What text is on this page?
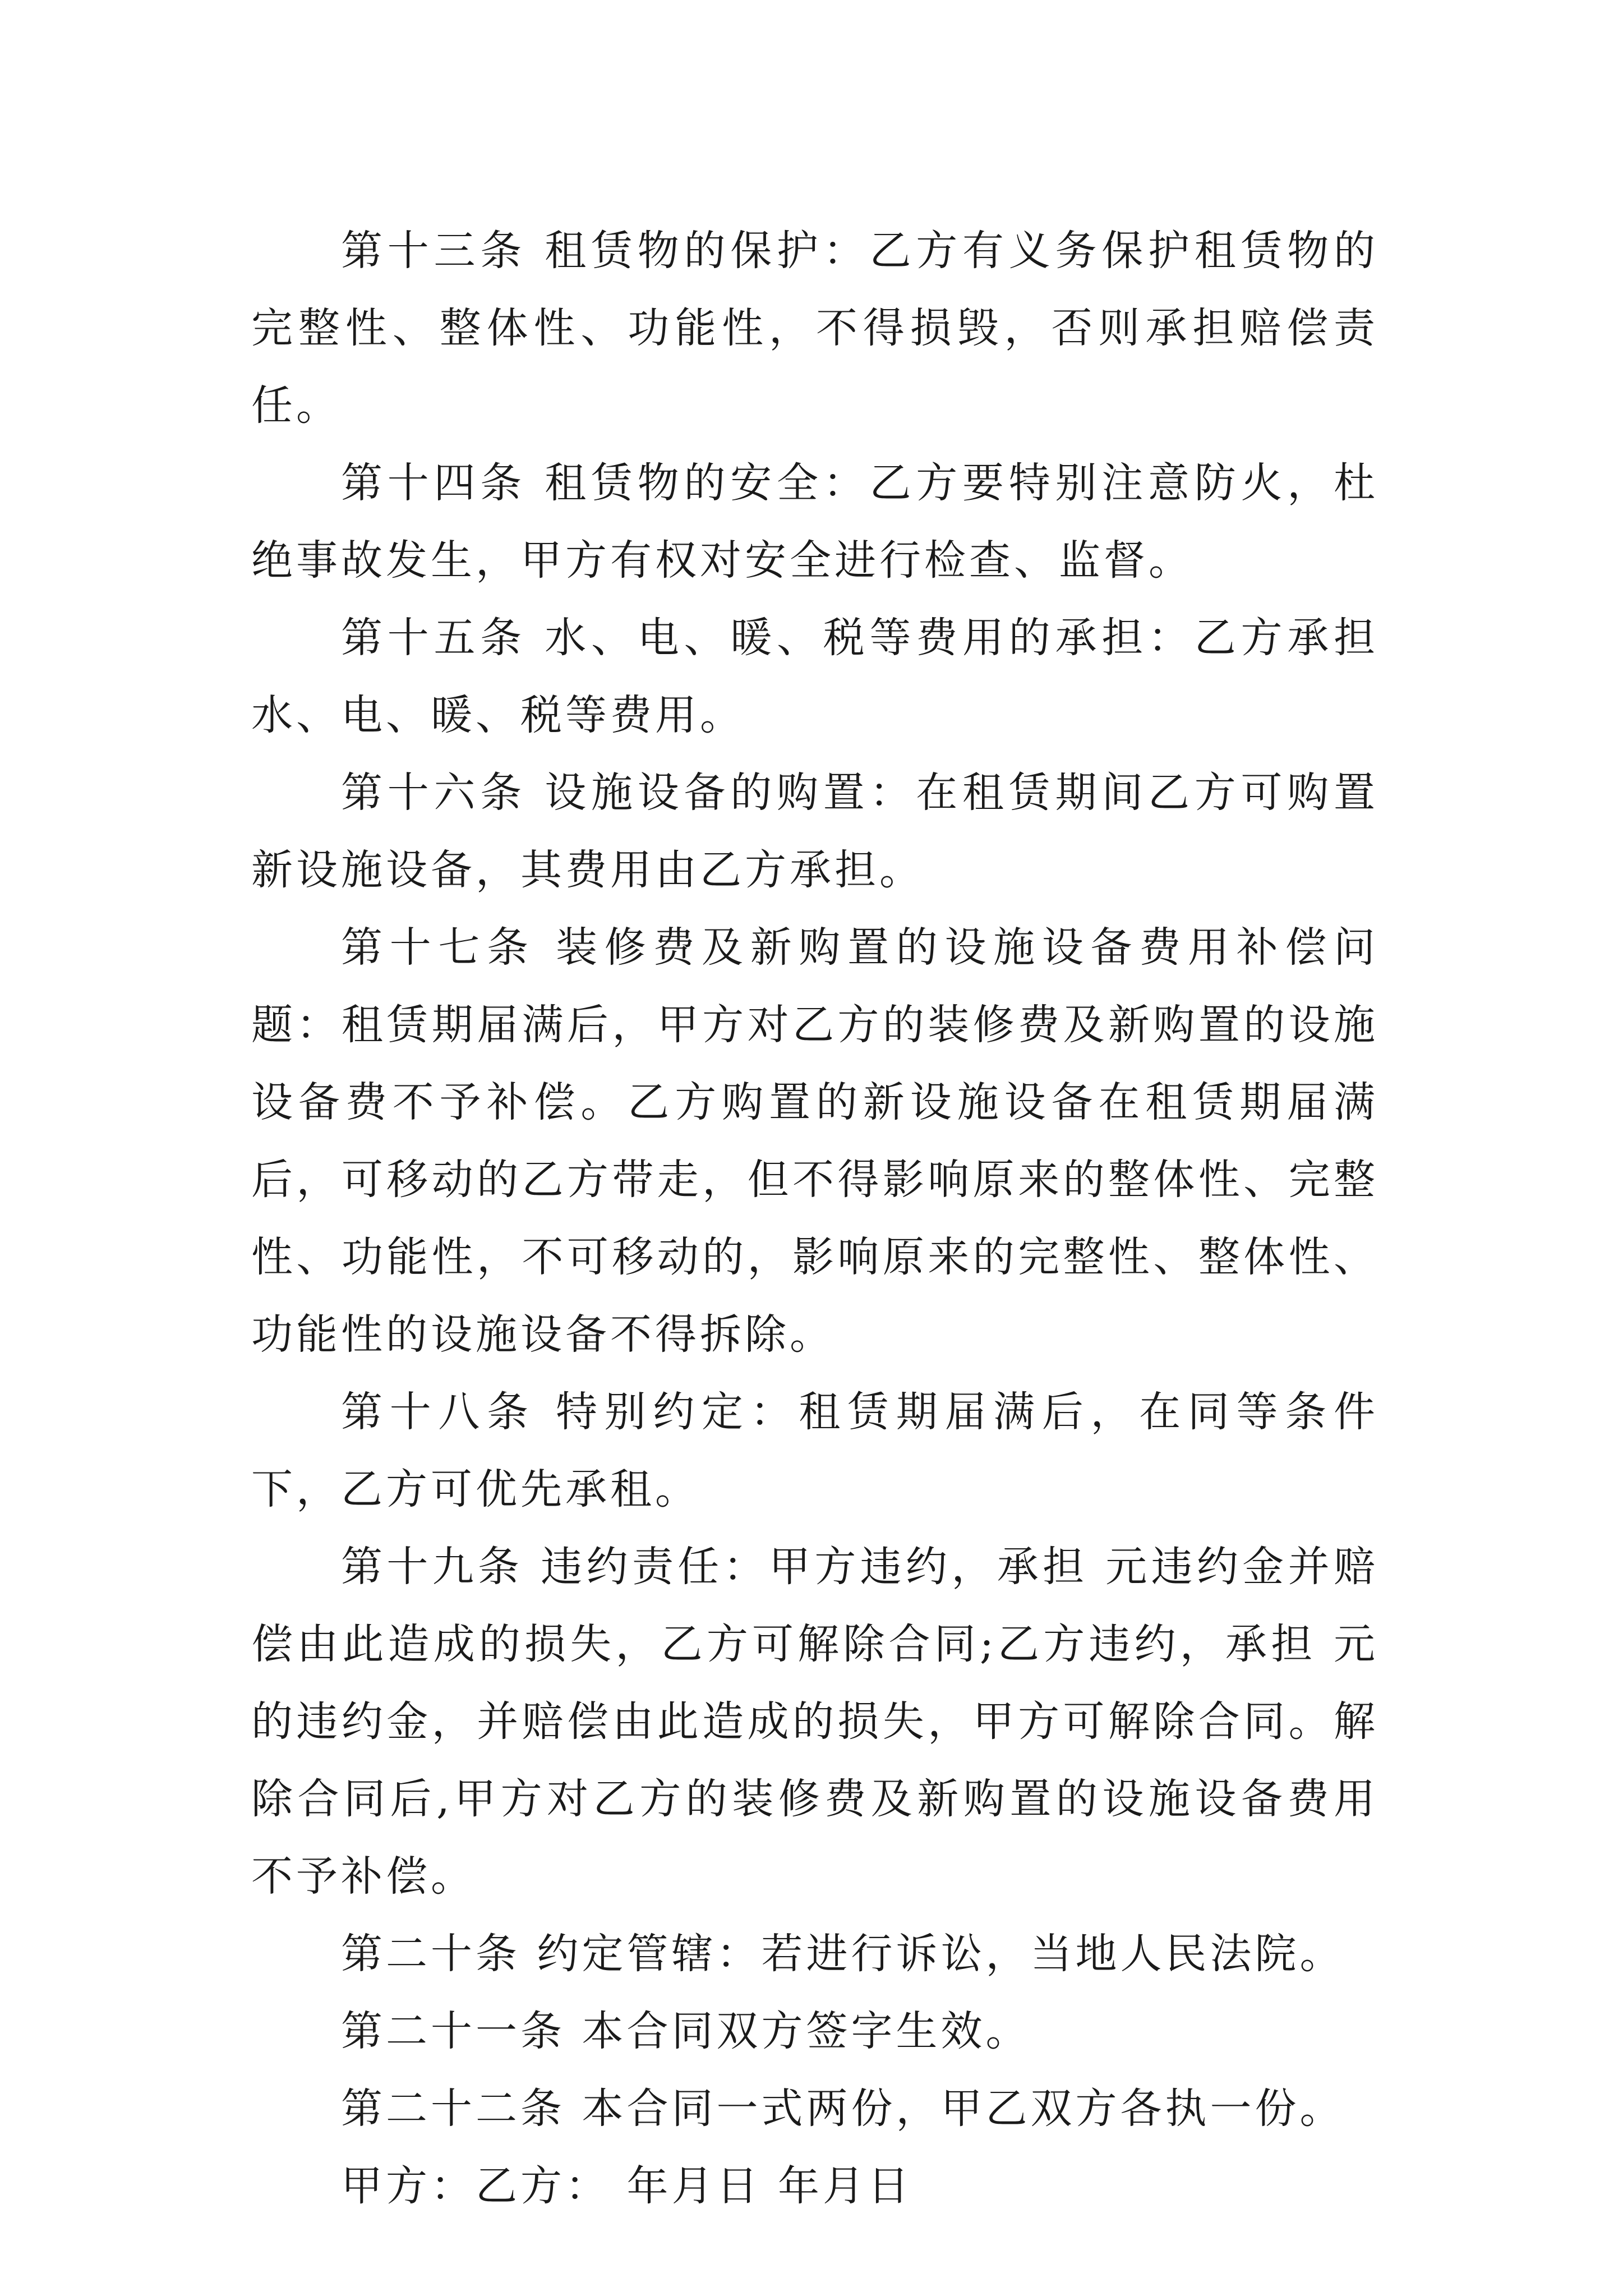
第十三条 租赁物的保护：乙方有义务保护租赁物的完整性、整体性、功能性，不得损毁，否则承担赔偿责任。

第十四条 租赁物的安全：乙方要特别注意防火，杜绝事故发生，甲方有权对安全进行检查、监督。

第十五条 水、电、暖、税等费用的承担：乙方承担水、电、暖、税等费用。

第十六条 设施设备的购置：在租赁期间乙方可购置新设施设备，其费用由乙方承担。

第十七条 装修费及新购置的设施设备费用补偿问题：租赁期届满后，甲方对乙方的装修费及新购置的设施设备费不予补偿。乙方购置的新设施设备在租赁期届满后，可移动的乙方带走，但不得影响原来的整体性、完整性、功能性，不可移动的，影响原来的完整性、整体性、功能性的设施设备不得拆除。

第十八条 特别约定：租赁期届满后，在同等条件下，乙方可优先承租。

第十九条 违约责任：甲方违约，承担 元违约金并赔偿由此造成的损失，乙方可解除合同;乙方违约，承担 元的违约金，并赔偿由此造成的损失，甲方可解除合同。解除合同后,甲方对乙方的装修费及新购置的设施设备费用不予补偿。

第二十条 约定管辖：若进行诉讼，当地人民法院。

第二十一条 本合同双方签字生效。

第二十二条 本合同一式两份，甲乙双方各执一份。

甲方：乙方： 年月日 年月日
